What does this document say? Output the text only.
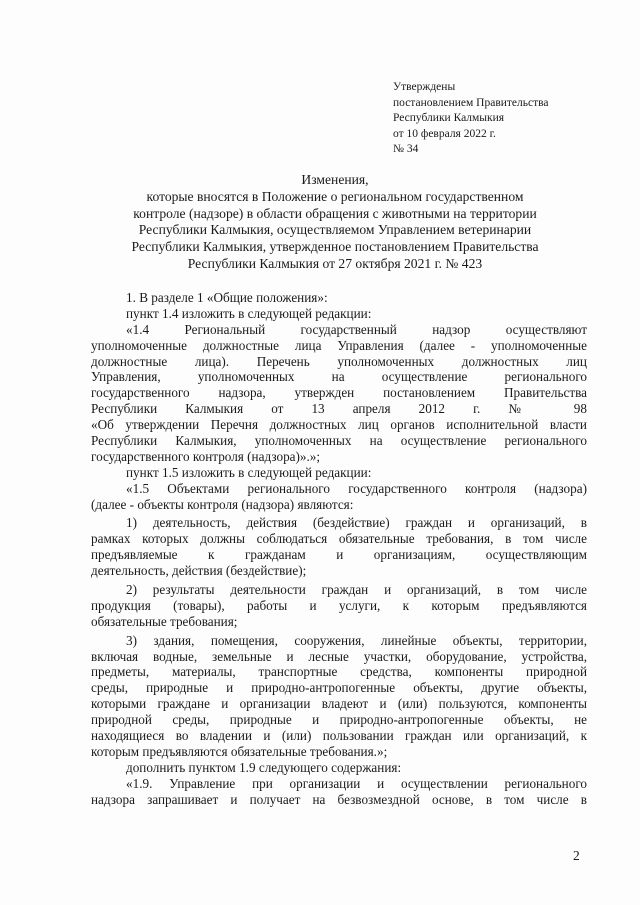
Утверждены
постановлением Правительства
Республики Калмыкия
от 10 февраля 2022 г.
№ 34
Изменения,
которые вносятся в Положение о региональном государственном
контроле (надзоре) в области обращения с животными на территории
Республики Калмыкия, осуществляемом Управлением ветеринарии
Республики Калмыкия, утвержденное постановлением Правительства
Республики Калмыкия от 27 октября 2021 г. № 423
1. В разделе 1 «Общие положения»:
пункт 1.4 изложить в следующей редакции:
«1.4 Региональный государственный надзор осуществляют
уполномоченные должностные лица Управления (далее - уполномоченные
должностные лица). Перечень уполномоченных должностных лиц
Управления, уполномоченных на осуществление регионального
государственного надзора, утвержден постановлением Правительства
Республики Калмыкия от 13 апреля 2012 г. № 98
«Об утверждении Перечня должностных лиц органов исполнительной власти
Республики Калмыкия, уполномоченных на осуществление регионального
государственного контроля (надзора)».»;
пункт 1.5 изложить в следующей редакции:
«1.5 Объектами регионального государственного контроля (надзора)
(далее - объекты контроля (надзора) являются:
1) деятельность, действия (бездействие) граждан и организаций, в
рамках которых должны соблюдаться обязательные требования, в том числе
предъявляемые к гражданам и организациям, осуществляющим
деятельность, действия (бездействие);
2) результаты деятельности граждан и организаций, в том числе
продукция (товары), работы и услуги, к которым предъявляются
обязательные требования;
3) здания, помещения, сооружения, линейные объекты, территории,
включая водные, земельные и лесные участки, оборудование, устройства,
предметы, материалы, транспортные средства, компоненты природной
среды, природные и природно-антропогенные объекты, другие объекты,
которыми граждане и организации владеют и (или) пользуются, компоненты
природной среды, природные и природно-антропогенные объекты, не
находящиеся во владении и (или) пользовании граждан или организаций, к
которым предъявляются обязательные требования.»;
дополнить пунктом 1.9 следующего содержания:
«1.9. Управление при организации и осуществлении регионального
надзора запрашивает и получает на безвозмездной основе, в том числе в
2
